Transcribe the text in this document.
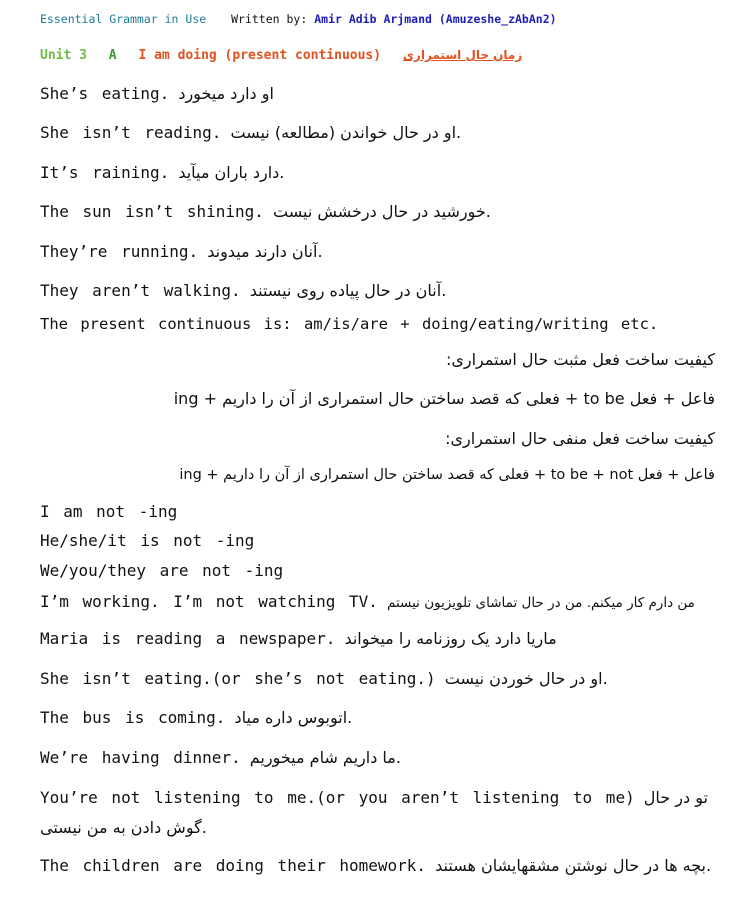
Essential Grammar in Use Written by: Amir Adib Arjmand (Amuzeshe_zAbAn2)
Unit 3 A I am doing (present continuous) زمان حال استمراری
She’s eating. او دارد میخورد
She isn’t reading. او در حال خواندن (مطالعه) نیست.
It’s raining. دارد باران میآید.
The sun isn’t shining. خورشید در حال درخشش نیست.
They’re running. آنان دارند میدوند.
They aren’t walking. آنان در حال پیاده روی نیستند.
The present continuous is: am/is/are + doing/eating/writing etc.
کیفیت ساخت فعل مثبت حال استمراری:
فاعل + فعل to be + فعلی که قصد ساختن حال استمراری از آن را داریم + ing
کیفیت ساخت فعل منفی حال استمراری:
فاعل + فعل to be + not + فعلی که قصد ساختن حال استمراری از آن را داریم + ing
I am not -ing
He/she/it is not -ing
We/you/they are not -ing
I’m working. I’m not watching TV. من دارم کار میکنم. من در حال تماشای تلویزیون نیستم
Maria is reading a newspaper. ماریا دارد یک روزنامه را میخواند
She isn’t eating.(or she’s not eating.) او در حال خوردن نیست.
The bus is coming. اتوبوس داره میاد.
We’re having dinner. ما داریم شام میخوریم.
You’re not listening to me.(or you aren’t listening to me) تو در حال گوش دادن به من نیستی.
The children are doing their homework. بچه ها در حال نوشتن مشقهایشان هستند.
